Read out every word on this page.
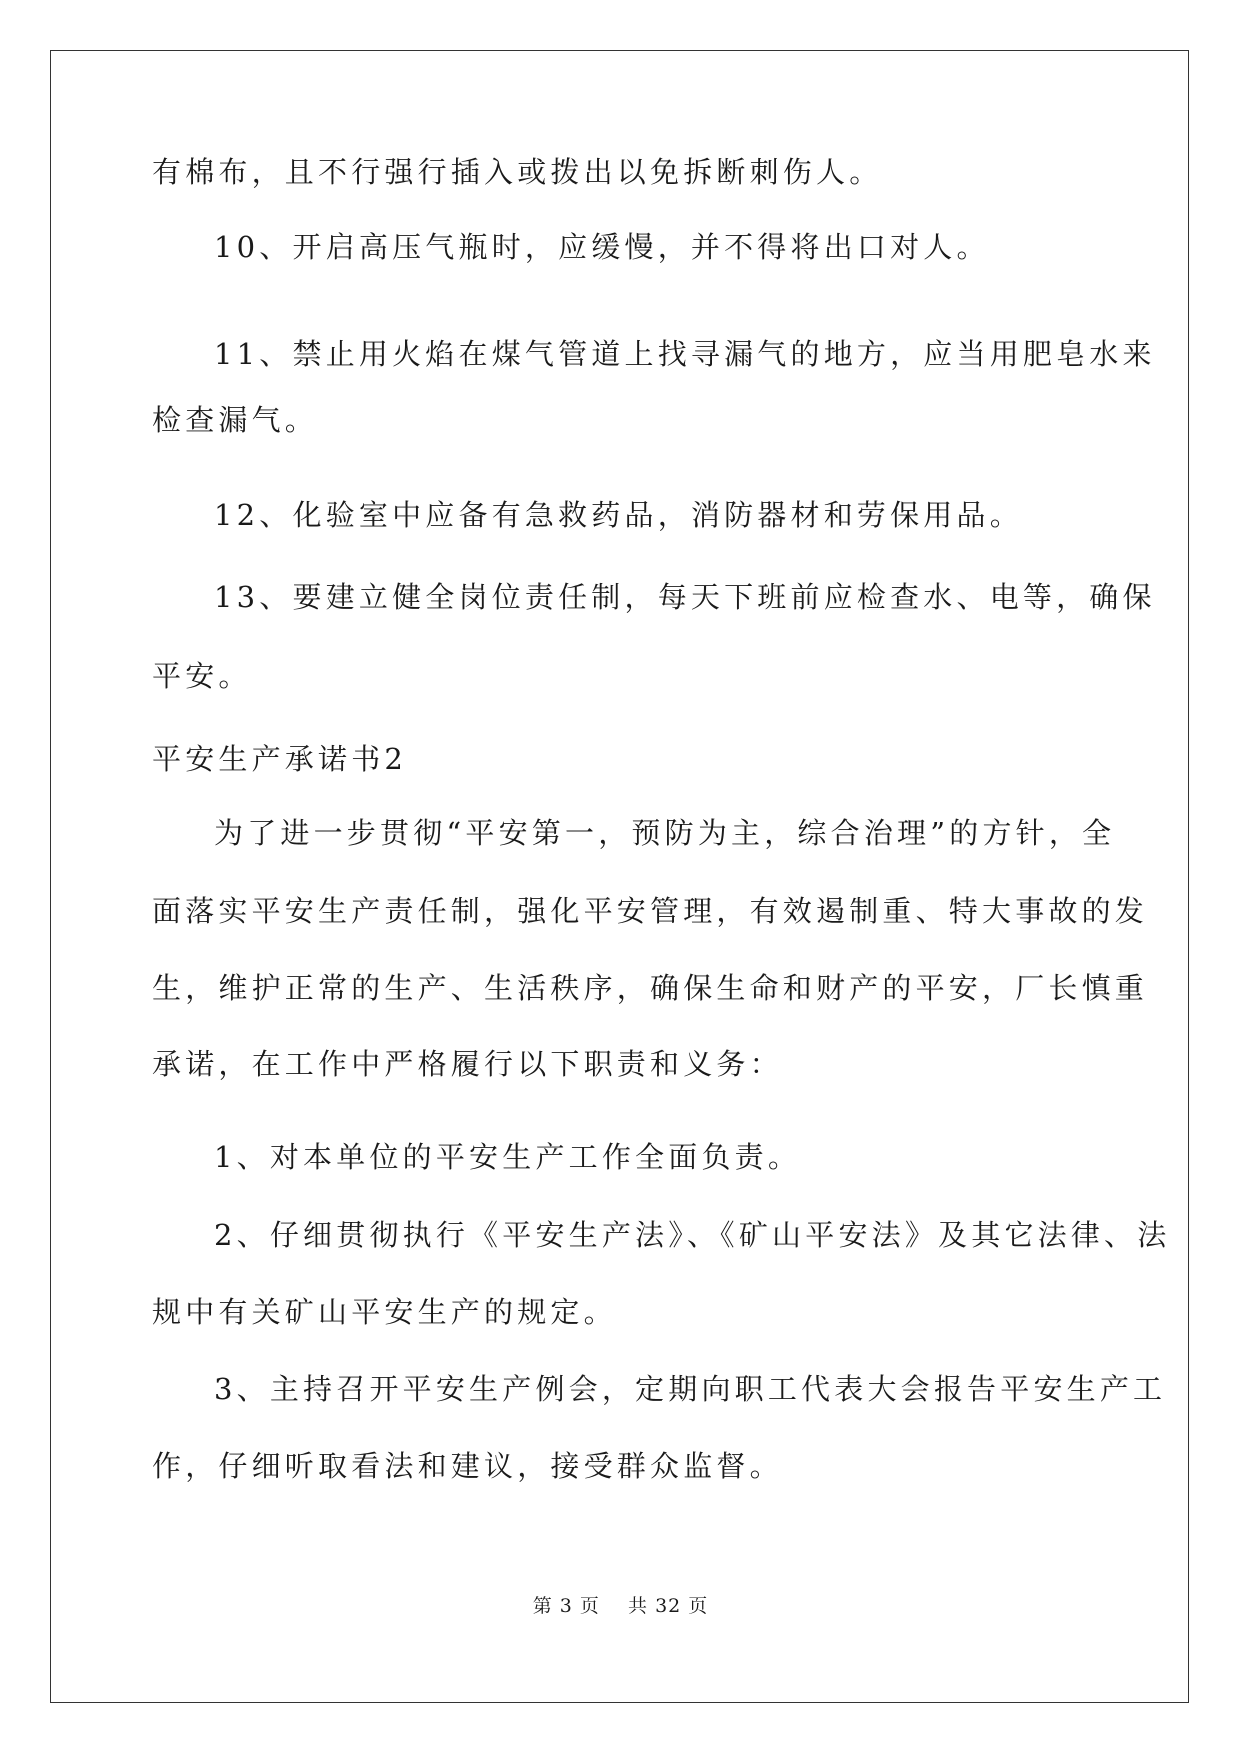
有棉布，且不行强行插入或拨出以免拆断刺伤人。
10、开启高压气瓶时，应缓慢，并不得将出口对人。
11、禁止用火焰在煤气管道上找寻漏气的地方，应当用肥皂水来
检查漏气。
12、化验室中应备有急救药品，消防器材和劳保用品。
13、要建立健全岗位责任制，每天下班前应检查水、电等，确保
平安。
平安生产承诺书2
为了进一步贯彻“平安第一，预防为主，综合治理”的方针，全
面落实平安生产责任制，强化平安管理，有效遏制重、特大事故的发
生，维护正常的生产、生活秩序，确保生命和财产的平安，厂长慎重
承诺，在工作中严格履行以下职责和义务：
1、对本单位的平安生产工作全面负责。
2、仔细贯彻执行《平安生产法》、《矿山平安法》及其它法律、法
规中有关矿山平安生产的规定。
3、主持召开平安生产例会，定期向职工代表大会报告平安生产工
作，仔细听取看法和建议，接受群众监督。
第 3 页    共 32 页
